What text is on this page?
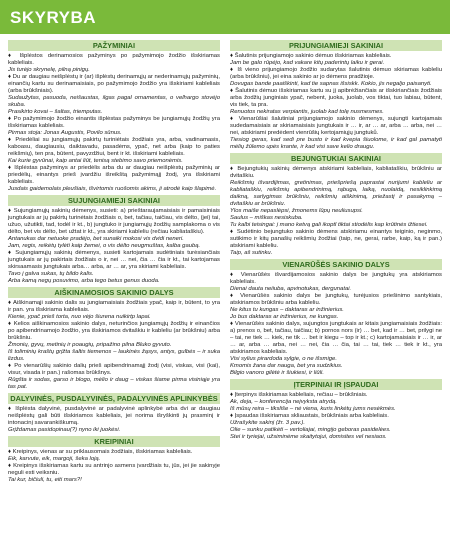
SKYRYBA
PAŽYMINIAI

♦ Išplėstos derinamosios pažyminys po pažymimojo žodžio išskiriamas kableliais.

Jis turėjo skrynelę, pilną pinigų.

♦ Du ar daugiau neišplėstų ir (ar) išplėstų derinamųjų ar nederinamųjų pažyminių, einančių kartu su derinamaisiais, po pažymimojo žodžio yra išskiriami kableliais (arba brūkšniais).

Sudaužytas, pasuoda, neišaustas, ilgas pagal ornamentas, o velhargo stovėjo skuba.

Prasikirto kovai – šaltas, triemputas.

♦ Po pažymimojo žodžio einantis išplėstas pažyminys be jungiamųjų žodžių yra išskiriamas kableliais.

Pirmas stoja: Jonas Augustis, Povilo sūnus.

♦ Priedėliai su jungiamųjų pakirtų turiniėtais žodžiais yra, arba, vadinamasis, kaboasu, daugiausiu, daiktavadu, pasadėms, ypač, net arba (kaip to paties reikšmių), ten pra, būtent, pavyzdžiui, bent ir kt. išskiriami kableliais.

Kai kurie gyvūnai, kaip antai liūt, tenisą stebimo savo priemonėmis.

♦ Išplėstas pažyminys ar priedėlis arba du ar daugiau neišplėstų pažyminių ar priedėlių, einantys prieš įvardžiu išreikštą pažymimąjį žodį, yra išskiriami kableliais.

Jusdais gaidemolais pleušiais, išvirtomis ruošomis akims, ji atrodė kaip šlapimė.

SUJUNGIAMIEJI SAKINIAI

♦ Sujungiamųjų sakinių dėmenys, susieti: a) prieštaraujamaisiais ir pamaisiniais jungtukais ar jų pakirtų turinėtais žodžiais o, bet, tačiau, taičiau, vis dėlto, (jei) tai, užuo, užutikti, tad, todėl ir kt., b) jungtuko ir jungiamųjų žodžių samplakoma o vis dėlto, bet vis dėlto, bet užtat ir kt., yra skiriami kableliu (rečiau kabliataškiu).

Antanukas dar netuoke pradėjo, bet sunaiki mokosi vis dvidi neneri.

Jam, regis, reikėtų tylėti kaip žemei, o vis dėlto neugmuštas, kalba gaubą.

♦ Sujungiamųjų sakinių dėmenys, susieti kartojamais sudėtiniais turėsiančiais jungtukais ar jų pakirtais žodžiais o ir, nei … nei, čia … čia ir kt., tai kartojamas skirsaamasis jungtukais arba… arba, ar … ar, yra skiriami kableliais.

Tavo į galva sukas, tų bildo kalis.

Arba kamą negų posuvimo, arba tego betus genus duoda.

AIŠKINAMOSIOS SAKINIO DALYS

♦ Aiškinamąji sakinio dalis su jungiamaisiais žodžiais ypač, kaip ir, būtent, to yra ir pan. yra išskiriama kableliais.

Kienie, ypač prieš torta, nuo vėjo šiurena nuikirtp lapai.

♦ Kelios aiškinamosios sakinio dalys, neturinčios jungiamųjų žodžių ir einančios po apibendrinamojo žodžio, yra išskiriamos dvitaškiu ir kableliu (ar brūkšniu) arba brūkšniu.

Žmonių, gyvų, metinių ir poaugių, pripažino pilna Bluko gyvuto.

Iš toliminių kraštų grįžta šaltis tiemenos – laukinės žąsys, antys, gulbės – ir suka lizdus.

♦ Po vienarūšių sakinio dalių prieš apibendrinamąjį žodį (visi, viskas, visi (kai), visur, visada ir pan.) rašomas brūkšnys.

Rūgšta ir sodas, garso ir blogo, mėlio ir daug – viskas šiame pirma visiniąje yra tas pat.

DALYVINĖS, PUSDALYVINĖS, PADALYVINĖS APLINKYBĖS

♦ Išplėsta dalyvinė, pusdalyvinė ar padalyvinė aplinkybė arba dvi ar daugiau neišplėstų gali būti išskiriamos kableliais, jei norima išryškinti jų prasminį ir intonacinį savarankiškumą.

Grįždamas pasidopinau(?) nyno iki juokėsi.

KREIPINIAI

♦ Kreipinys, vienas ar su priklausomais žodžiais, išskiriamas kableliais.

Eik, karvute, eik, margoji, šeka loją.

♦ Kreipinys išskiriamas kartu su antrinjo asmens įvardžiais tu, jūs, jei jie sakinyje neguli esti veiksniu.

Tai kur, bičiuli, tu, eiti mars?!

PRIJUNGIAMIEJI SAKINIAI

♦ Šalutinis prijungiamojo sakinio dėmuo išskiriamas kableliais.

Jam be galo rūpėjo, kad vakare kitų paderintų laiku ir gerai.

♦ Iš vieno prijungiamojo žodžio sudarytas šalutinis dėmuo skiriamas kableliu (arba brūkšniu), jei eina sakinio ar jo dėmens pradžioje.

Dovugas bande paaiškinti, kad tie sapnas išsiskk. Kokio, jis negaljo paisanyti.

♦ Šalutinis dėmuo išskiriamas kartu su jį apibrėžiančiais ar išskiriančiais žodžiais arba žodžių junginiais ypač, nebent, juoka, juolab, vos tiktai, tuo labiau, būtent, vis tiek, ta pra.

Renuotos nekiratas verpiantis, juolab kad tolę nusmesmes.

♦ Vienarūšiai šalutiniai prijungiamojo sakinio dėmenys, sujungti kartojamais sudedamaisiais ar skiriamaisiais jungtukais ir … ir, ar … ar, arba … arba, nei … nei, atskiriami predėdent vienrūšių kertojamiųjų jungtuků.

Tiesiog geras, kad sedi pre busto ir kad kvepia šiuolome, ir kad gal pamatyti mėlių žūlemo upės krante, ir kad visi save kelio draugu.

BEJUNGTUKIAI SAKINIAI

♦ Bejungtukių sakinių dėmenys atskiriami kableliais, kabliataškiu, brūkšniu ar dvitaškiu.

Reikšmių išvardijimas, gretinimas, priešpriešą paprastai nurijumi kableliu ar kabliataškiu, reikšmių apibendrinimą, rąbuga, laiką, nuolaidą, nesiklinkimą daikną, sarlygimas brūkšniu, reikšmių aiškinimą, priežastį ir pasakymą – dvitaškiu ar brūkšniu.

Ylos maiše nepaslėpsi, žmonems lūpų neuliusupsi.

Saulus – miškas nesiskuba.

Tu kalbi teisingai: į mano ketvą gali ikoptl tiktai stiodėlis kap krūtinės ižtiesei.

♦ Sudėtinio bejungtuko sakinio dėmens atskiriamu einantys teiginio, neginmo, sutikimo ir kitų panašių reikšmių žodžiai (taip, ne, gerai, rarbe, kaip, ką ir pan.) atskiriami kableliu.

Taip, aš sutinku.

VIENARŪŠĖS SAKINIO DALYS

♦ Vienarūšės išvardijamosios sakinio dalys be jungtukų yra atskiriamos kableliais.

Dienai dauta neiiuba, apvinotukas, dergunatai.

♦ Vienarūšės sakinio dalys be jungtukų, turėjusios priešinimo santykiais, atskiriamos brūkšniu arba kableliu.

Ne kitus tu kungas – daktaras ar inžinierius.

Jo bus daktaras ar inžinierius, ne kungas.

♦ Vienarūšės sakinio dalys, sujungtos jungtukais ar kitais jungiamaisiais žodžiais: a) prenos o, bet, tačiau, taičiau; b) pornos nors (ir) … bet, kad ir … bet, prilygi ne – tai, ne tiek … kiek, ne tik … bet ir kiegu – top ir kt.; c) kartojamaisiais ir … ir, ar … ar, arba … arba, nei … nei, čia … čia, tai … tai, tiek … tiek ir kt., yra atskiriamos kableliais.

Visi sylius pirardoda sylgie, o ne išsmige.

Kmomis žana dar nauga, bet yra sudzikius.

Bilgio vanoro gilėtė ir šiukiesi, ir liūli.

ĮTERPINIAI IR ĮSPAUDAI

♦ Įterpinys išskiriamas kableliais, rečiau – brūkšniais.

Ak, deja, – konferencija neįvyksta atrydą.

Iš mūsų reira – tiksliše – nė viena, kuris linkėtų jums nesėkmės.

♦ Įspaudas išskiriamas skliaustais, brūkšniais arba kableliais.

Užrašykite sakinį (žr. 3 pav.).

Olie – sunku patikėti – vertoliajai, mingijo geboras pasidelėes.

Stei ir tyriejai, užsiminėme skaitytojui, domisites vel nesiaos.
